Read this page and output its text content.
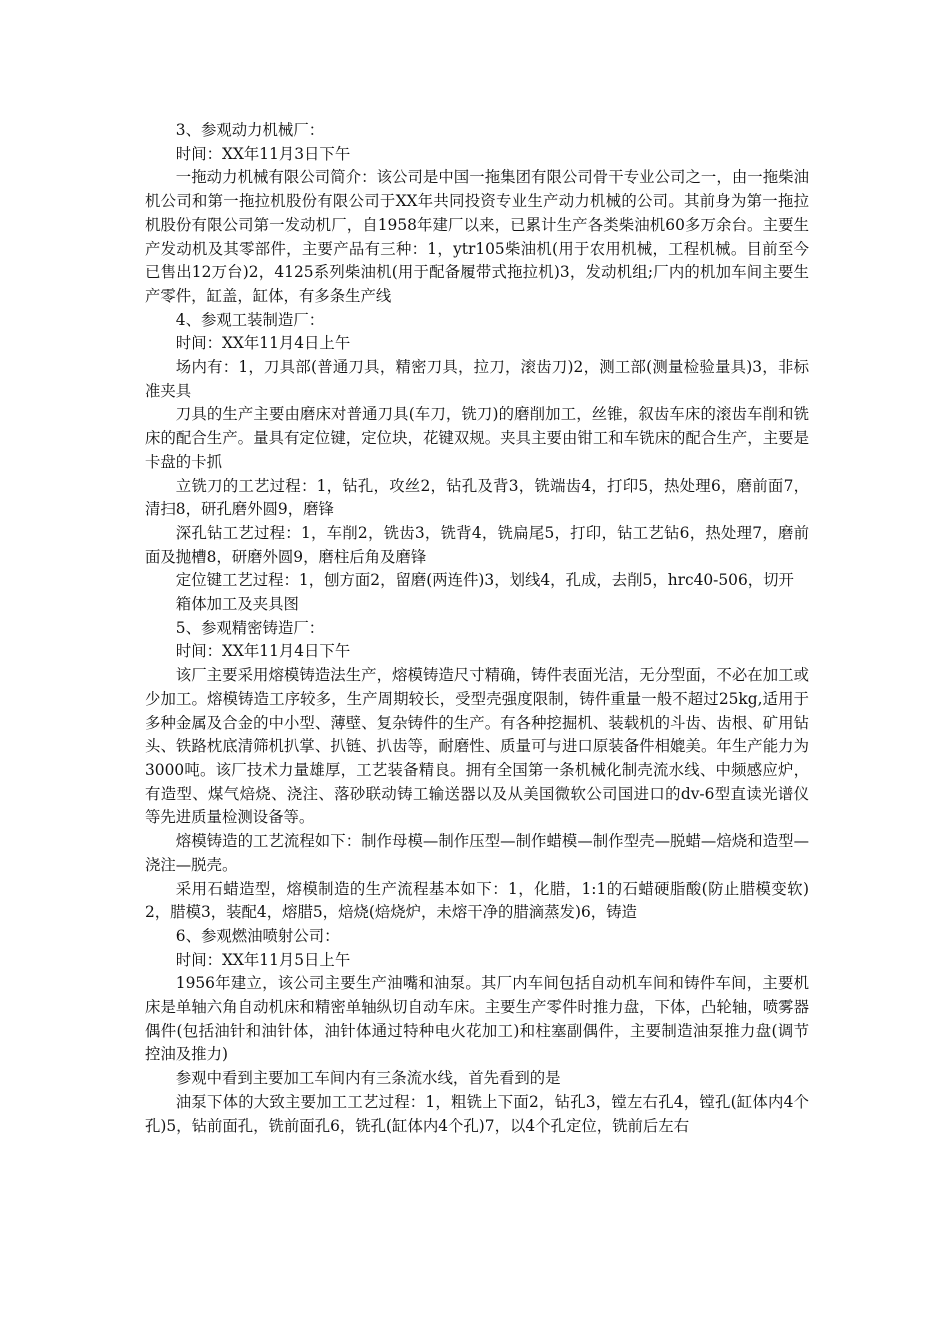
3、参观动力机械厂：

时间：XX年11月3日下午

一拖动力机械有限公司简介：该公司是中国一拖集团有限公司骨干专业公司之一，由一拖柴油机公司和第一拖拉机股份有限公司于XX年共同投资专业生产动力机械的公司。其前身为第一拖拉机股份有限公司第一发动机厂，自1958年建厂以来，已累计生产各类柴油机60多万余台。主要生产发动机及其零部件，主要产品有三种：1，ytr105柴油机(用于农用机械，工程机械。目前至今已售出12万台)2，4125系列柴油机(用于配备履带式拖拉机)3，发动机组;厂内的机加车间主要生产零件，缸盖，缸体，有多条生产线

4、参观工装制造厂：

时间：XX年11月4日上午

场内有：1，刀具部(普通刀具，精密刀具，拉刀，滚齿刀)2，测工部(测量检验量具)3，非标准夹具

刀具的生产主要由磨床对普通刀具(车刀，铣刀)的磨削加工，丝锥，叙齿车床的滚齿车削和铣床的配合生产。量具有定位键，定位块，花键双规。夹具主要由钳工和车铣床的配合生产，主要是卡盘的卡抓

立铣刀的工艺过程：1，钻孔，攻丝2，钻孔及背3，铣端齿4，打印5，热处理6，磨前面7，清扫8，研孔磨外圆9，磨锋

深孔钻工艺过程：1，车削2，铣齿3，铣背4，铣扁尾5，打印，钻工艺钻6，热处理7，磨前面及抛槽8，研磨外圆9，磨柱后角及磨锋

定位键工艺过程：1，刨方面2，留磨(两连件)3，划线4，孔成，去削5，hrc40-506，切开

箱体加工及夹具图

5、参观精密铸造厂：

时间：XX年11月4日下午

该厂主要采用熔模铸造法生产，熔模铸造尺寸精确，铸件表面光洁，无分型面，不必在加工或少加工。熔模铸造工序较多，生产周期较长，受型壳强度限制，铸件重量一般不超过25kg,适用于多种金属及合金的中小型、薄壁、复杂铸件的生产。有各种挖掘机、装载机的斗齿、齿根、矿用钻头、铁路枕底清筛机扒掌、扒链、扒齿等，耐磨性、质量可与进口原装备件相媲美。年生产能力为3000吨。该厂技术力量雄厚，工艺装备精良。拥有全国第一条机械化制壳流水线、中频感应炉，有造型、煤气焙烧、浇注、落砂联动铸工输送器以及从美国微软公司国进口的dv-6型直读光谱仪等先进质量检测设备等。

熔模铸造的工艺流程如下：制作母模—制作压型—制作蜡模—制作型壳—脱蜡—焙烧和造型—浇注—脱壳。

采用石蜡造型，熔模制造的生产流程基本如下：1，化腊，1:1的石蜡硬脂酸(防止腊模变软)2，腊模3，装配4，熔腊5，焙烧(焙烧炉，未熔干净的腊滴蒸发)6，铸造

6、参观燃油喷射公司：

时间：XX年11月5日上午

1956年建立，该公司主要生产油嘴和油泵。其厂内车间包括自动机车间和铸件车间，主要机床是单轴六角自动机床和精密单轴纵切自动车床。主要生产零件时推力盘，下体，凸轮轴，喷雾器偶件(包括油针和油针体，油针体通过特种电火花加工)和柱塞副偶件，主要制造油泵推力盘(调节控油及推力)

参观中看到主要加工车间内有三条流水线，首先看到的是

油泵下体的大致主要加工工艺过程：1，粗铣上下面2，钻孔3，镗左右孔4，镗孔(缸体内4个孔)5，钻前面孔，铣前面孔6，铣孔(缸体内4个孔)7，以4个孔定位，铣前后左右
